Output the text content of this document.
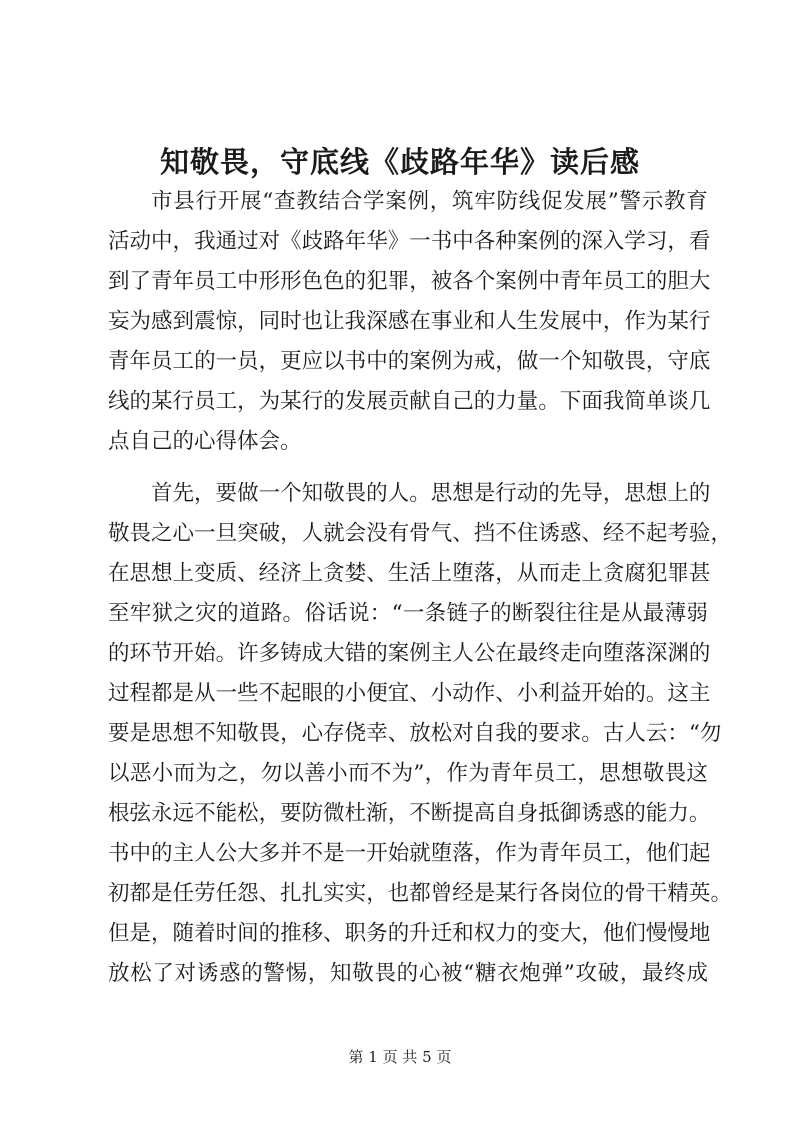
知敬畏，守底线《歧路年华》读后感
市 县 行 开 展 “ 查 教 结 合 学 案 例 ， 筑 牢 防 线 促 发 展 ” 警 示 教 育
活 动 中 ， 我 通 过 对 《 歧 路 年 华 》 一 书 中 各 种 案 例 的 深 入 学 习 ， 看
到 了 青 年 员 工 中 形 形 色 色 的 犯 罪 ， 被 各 个 案 例 中 青 年 员 工 的 胆 大
妄 为 感 到 震 惊 ， 同 时 也 让 我 深 感 在 事 业 和 人 生 发 展 中 ， 作 为 某 行
青 年 员 工 的 一 员 ， 更 应 以 书 中 的 案 例 为 戒 ， 做 一 个 知 敬 畏 ， 守 底
线 的 某 行 员 工 ， 为 某 行 的 发 展 贡 献 自 己 的 力 量 。 下 面 我 简 单 谈 几
点自己的心得体会。
首 先 ， 要 做 一 个 知 敬 畏 的 人 。 思 想 是 行 动 的 先 导 ， 思 想 上 的
敬 畏 之 心 一 旦 突 破 ， 人 就 会 没 有 骨 气 、 挡 不 住 诱 惑 、 经 不 起 考 验 ，
在 思 想 上 变 质 、 经 济 上 贪 婪 、 生 活 上 堕 落 ， 从 而 走 上 贪 腐 犯 罪 甚
至 牢 狱 之 灾 的 道 路 。 俗 话 说 ： “ 一 条 链 子 的 断 裂 往 往 是 从 最 薄 弱
的 环 节 开 始 。 许 多 铸 成 大 错 的 案 例 主 人 公 在 最 终 走 向 堕 落 深 渊 的
过 程 都 是 从 一 些 不 起 眼 的 小 便 宜 、 小 动 作 、 小 利 益 开 始 的 。 这 主
要 是 思 想 不 知 敬 畏 ， 心 存 侥 幸 、 放 松 对 自 我 的 要 求 。 古 人 云 ： “ 勿
以 恶 小 而 为 之 ， 勿 以 善 小 而 不 为 ” ， 作 为 青 年 员 工 ， 思 想 敬 畏 这
根 弦 永 远 不 能 松 ， 要 防 微 杜 渐 ， 不 断 提 高 自 身 抵 御 诱 惑 的 能 力 。
书 中 的 主 人 公 大 多 并 不 是 一 开 始 就 堕 落 ， 作 为 青 年 员 工 ， 他 们 起
初 都 是 任 劳 任 怨 、 扎 扎 实 实 ， 也 都 曾 经 是 某 行 各 岗 位 的 骨 干 精 英 。
但 是 ， 随 着 时 间 的 推 移 、 职 务 的 升 迁 和 权 力 的 变 大 ， 他 们 慢 慢 地
放 松 了 对 诱 惑 的 警 惕 ， 知 敬 畏 的 心 被 “ 糖 衣 炮 弹 ” 攻 破 ， 最 终 成
第 1 页 共 5 页
